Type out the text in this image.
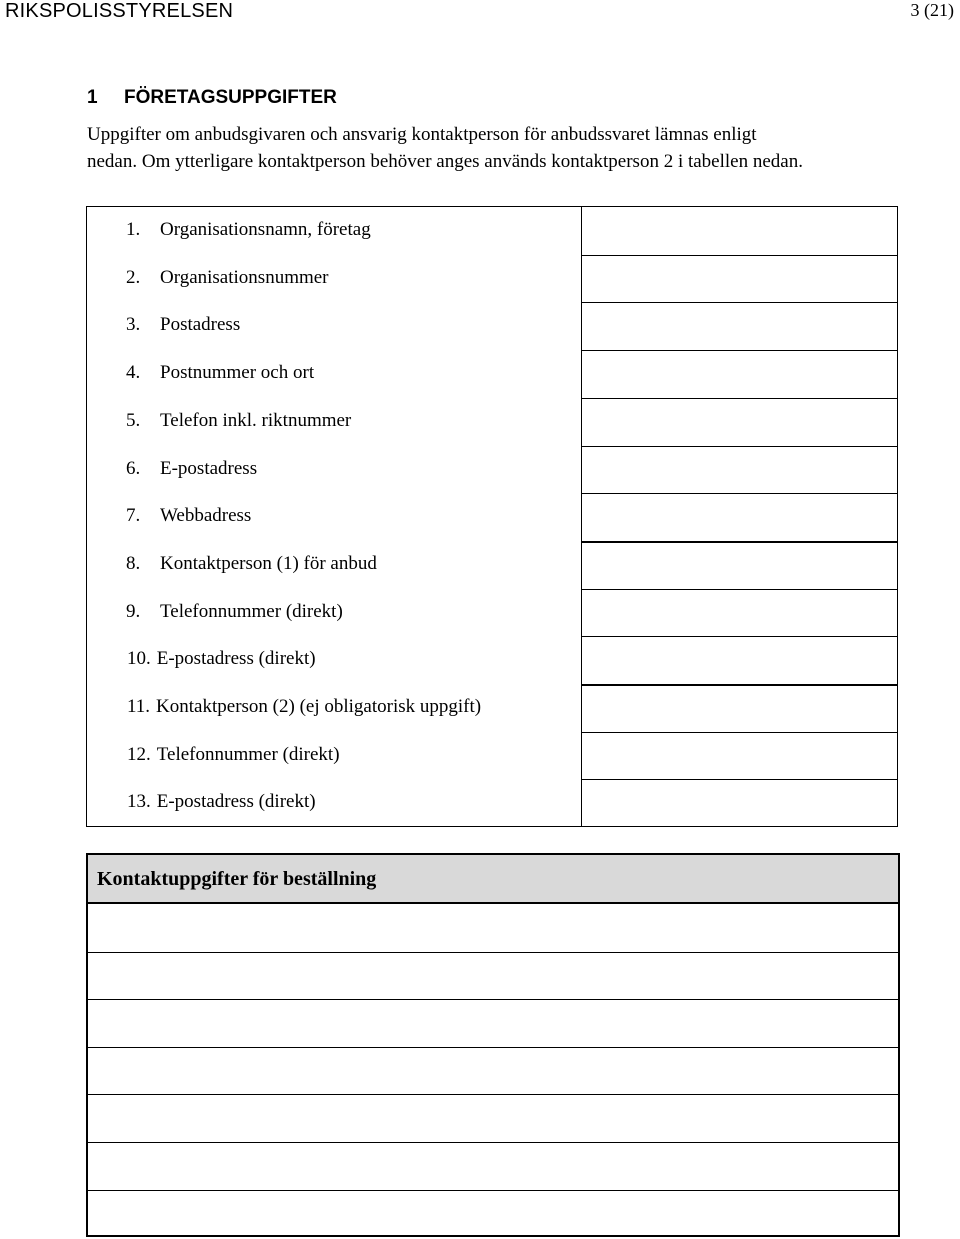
RIKSPOLISSTYRELSEN	3 (21)
1 FÖRETAGSUPPGIFTER
Uppgifter om anbudsgivaren och ansvarig kontaktperson för anbudssvaret lämnas enligt
nedan. Om ytterligare kontaktperson behöver anges används kontaktperson 2 i tabellen nedan.
1. Organisationsnamn, företag
2. Organisationsnummer
3. Postadress
4. Postnummer och ort
5. Telefon inkl. riktnummer
6. E-postadress
7. Webbadress
8. Kontaktperson (1) för anbud
9. Telefonnummer (direkt)
10. E-postadress (direkt)
11. Kontaktperson (2) (ej obligatorisk uppgift)
12. Telefonnummer (direkt)
13. E-postadress (direkt)
Kontaktuppgifter för beställning
